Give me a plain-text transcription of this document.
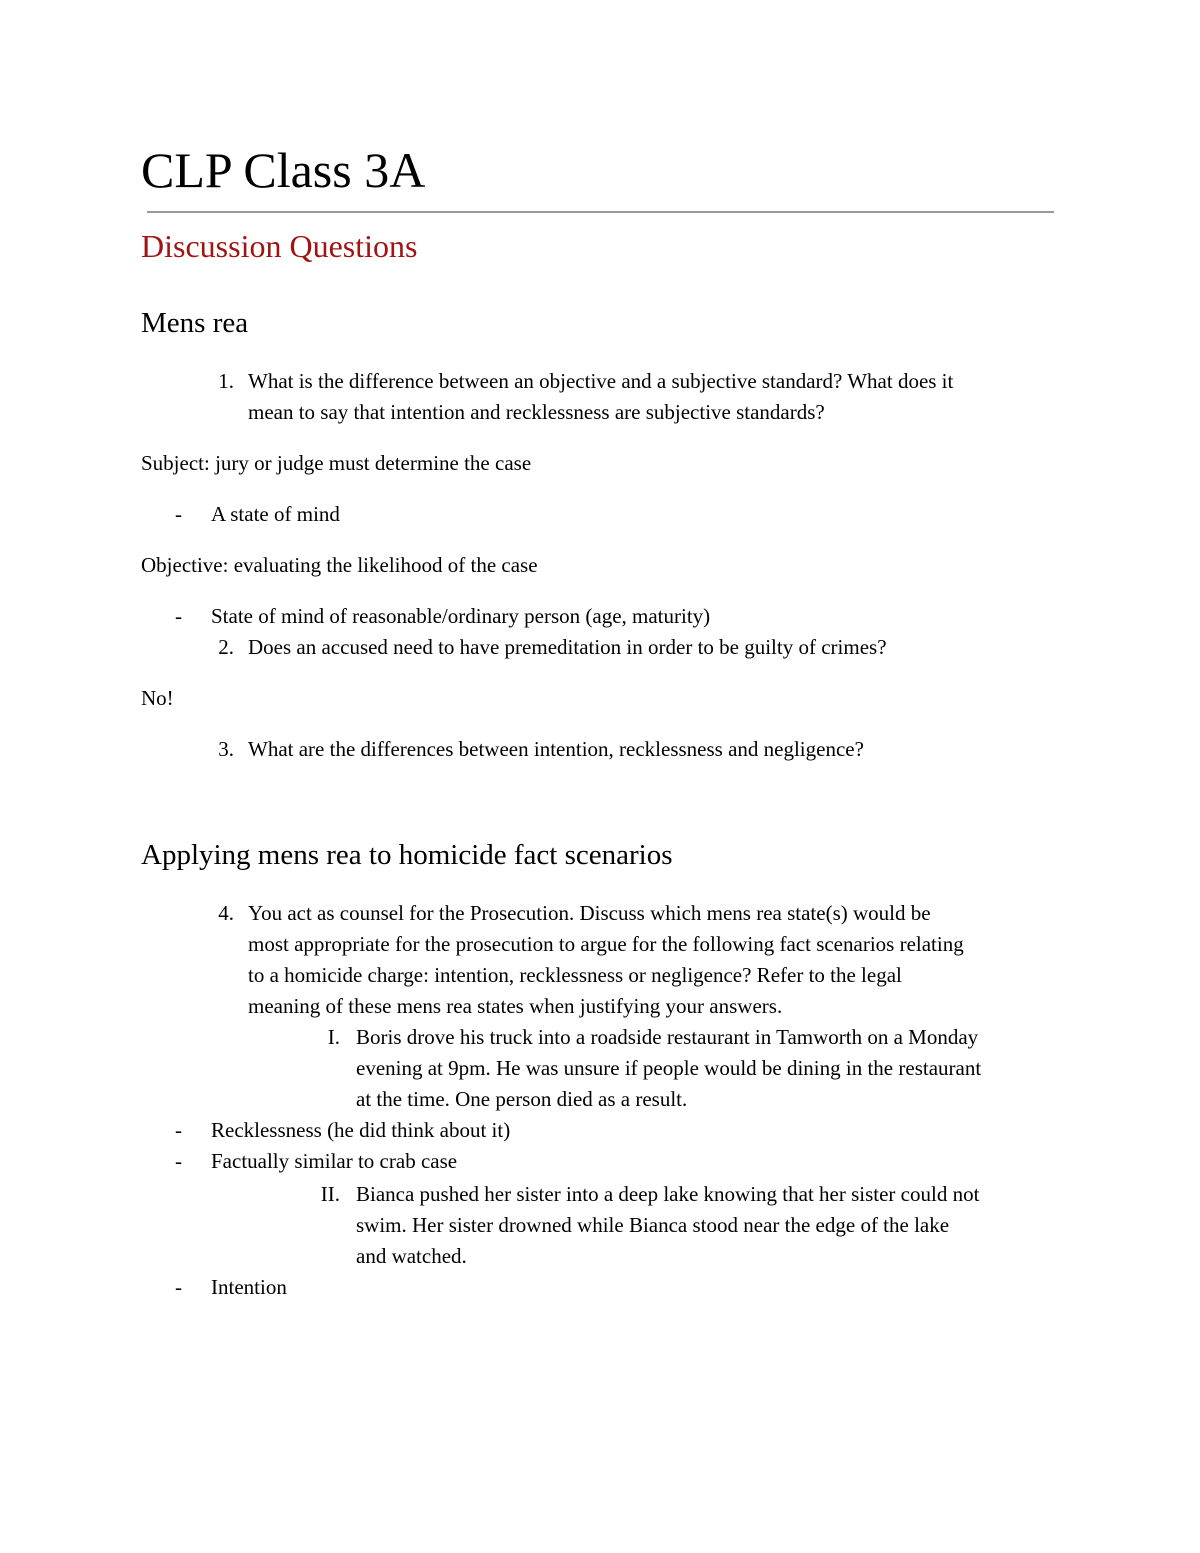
CLP Class 3A
Discussion Questions
Mens rea
1. What is the difference between an objective and a subjective standard? What does it
mean to say that intention and recklessness are subjective standards?

Subject: jury or judge must determine the case

- A state of mind

Objective: evaluating the likelihood of the case

- State of mind of reasonable/ordinary person (age, maturity)

2. Does an accused need to have premeditation in order to be guilty of crimes?

No!

3. What are the differences between intention, recklessness and negligence?

Applying mens rea to homicide fact scenarios
4. You act as counsel for the Prosecution. Discuss which mens rea state(s) would be
most appropriate for the prosecution to argue for the following fact scenarios relating
to a homicide charge: intention, recklessness or negligence? Refer to the legal
meaning of these mens rea states when justifying your answers.
I. Boris drove his truck into a roadside restaurant in Tamworth on a Monday
evening at 9pm. He was unsure if people would be dining in the restaurant
at the time. One person died as a result.
- Recklessness (he did think about it)

- Factually similar to crab case

II. Bianca pushed her sister into a deep lake knowing that her sister could not
swim. Her sister drowned while Bianca stood near the edge of the lake
and watched.
- Intention
